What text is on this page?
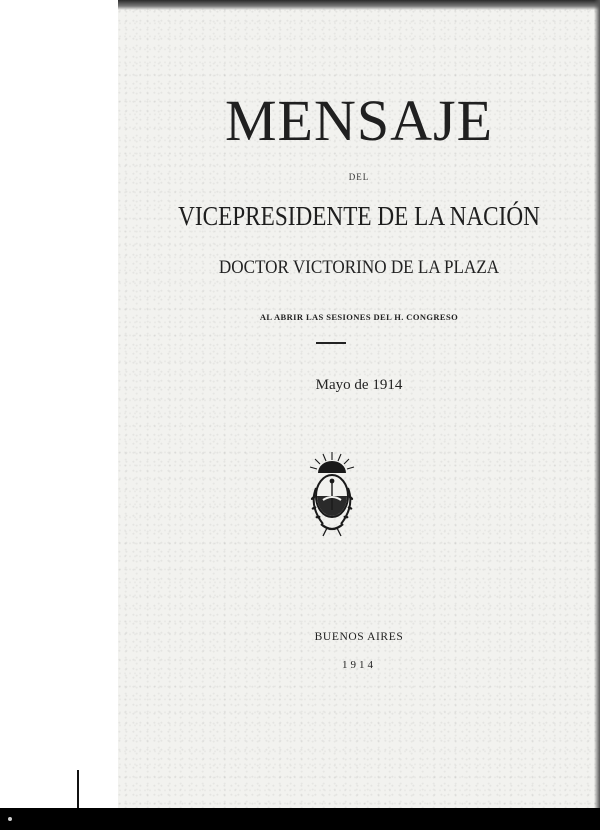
MENSAJE
DEL
VICEPRESIDENTE DE LA NACIÓN
DOCTOR VICTORINO DE LA PLAZA
AL ABRIR LAS SESIONES DEL H. CONGRESO
Mayo de 1914
BUENOS AIRES
1914
